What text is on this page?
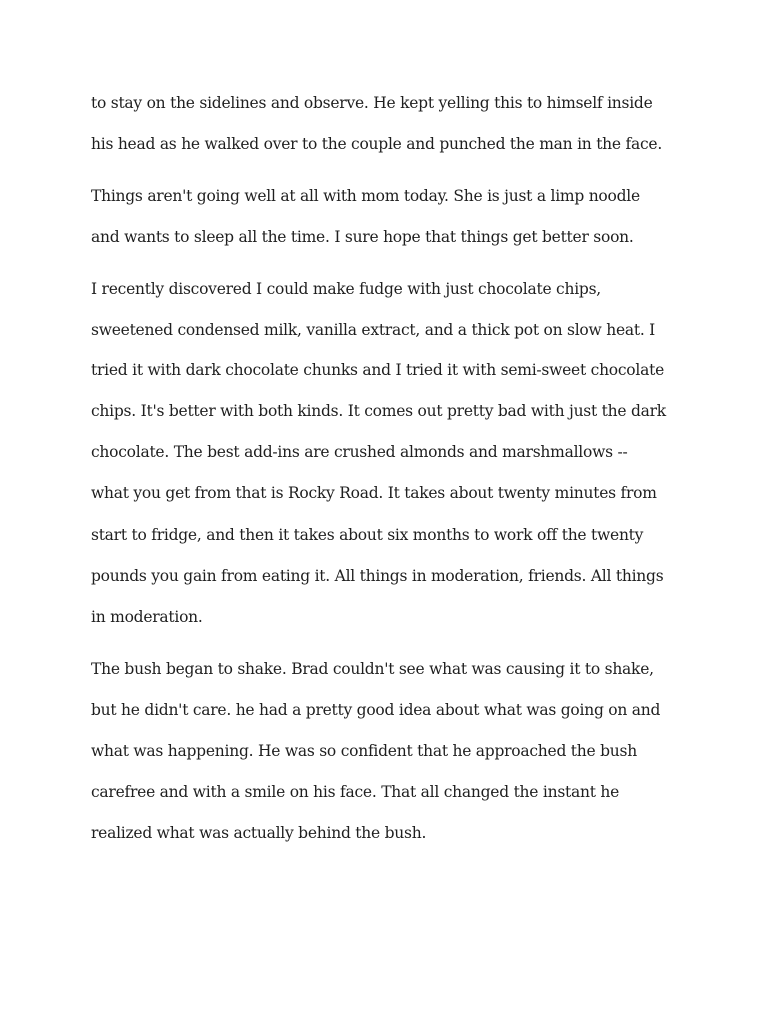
to stay on the sidelines and observe. He kept yelling this to himself inside
his head as he walked over to the couple and punched the man in the face.
Things aren't going well at all with mom today. She is just a limp noodle
and wants to sleep all the time. I sure hope that things get better soon.
I recently discovered I could make fudge with just chocolate chips,
sweetened condensed milk, vanilla extract, and a thick pot on slow heat. I
tried it with dark chocolate chunks and I tried it with semi-sweet chocolate
chips. It's better with both kinds. It comes out pretty bad with just the dark
chocolate. The best add-ins are crushed almonds and marshmallows --
what you get from that is Rocky Road. It takes about twenty minutes from
start to fridge, and then it takes about six months to work off the twenty
pounds you gain from eating it. All things in moderation, friends. All things
in moderation.
The bush began to shake. Brad couldn't see what was causing it to shake,
but he didn't care. he had a pretty good idea about what was going on and
what was happening. He was so confident that he approached the bush
carefree and with a smile on his face. That all changed the instant he
realized what was actually behind the bush.
